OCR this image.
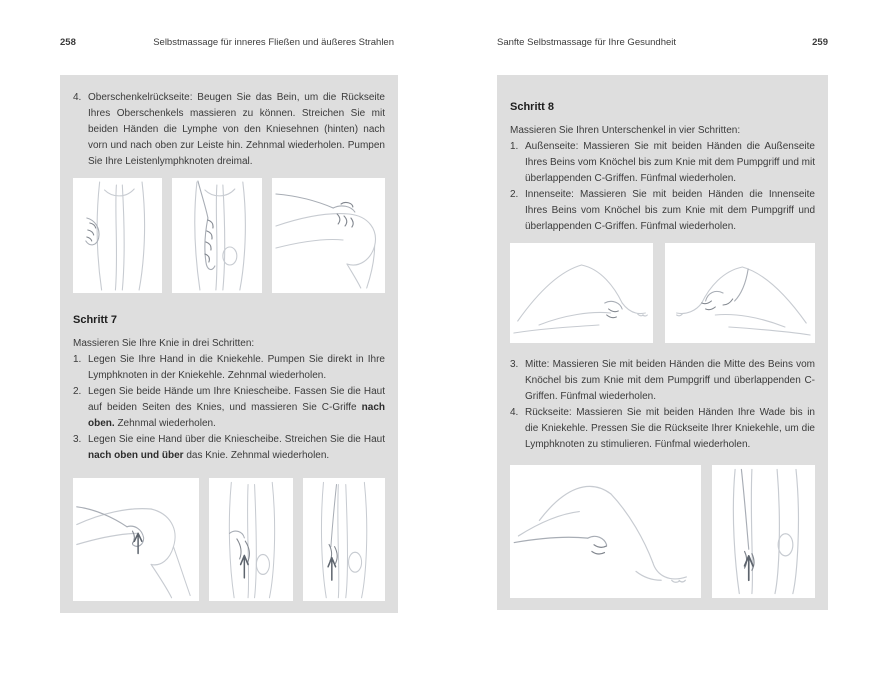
258	Selbstmassage für inneres Fließen und äußeres Strahlen
4. Oberschenkelrückseite: Beugen Sie das Bein, um die Rückseite Ihres Oberschenkels massieren zu können. Streichen Sie mit beiden Händen die Lymphe von den Kniesehnen (hinten) nach vorn und nach oben zur Leiste hin. Zehnmal wiederholen. Pumpen Sie Ihre Leistenlymphknoten dreimal.
Schritt 7
Massieren Sie Ihre Knie in drei Schritten:
1. Legen Sie Ihre Hand in die Kniekehle. Pumpen Sie direkt in Ihre Lymphknoten in der Kniekehle. Zehnmal wiederholen.
2. Legen Sie beide Hände um Ihre Kniescheibe. Fassen Sie die Haut auf beiden Seiten des Knies, und massieren Sie C-Griffe nach oben. Zehnmal wiederholen.
3. Legen Sie eine Hand über die Kniescheibe. Streichen Sie die Haut nach oben und über das Knie. Zehnmal wiederholen.
Sanfte Selbstmassage für Ihre Gesundheit	259
Schritt 8
Massieren Sie Ihren Unterschenkel in vier Schritten:
1. Außenseite: Massieren Sie mit beiden Händen die Außenseite Ihres Beins vom Knöchel bis zum Knie mit dem Pumpgriff und mit überlappenden C-Griffen. Fünfmal wiederholen.
2. Innenseite: Massieren Sie mit beiden Händen die Innenseite Ihres Beins vom Knöchel bis zum Knie mit dem Pumpgriff und überlappenden C-Griffen. Fünfmal wiederholen.
3. Mitte: Massieren Sie mit beiden Händen die Mitte des Beins vom Knöchel bis zum Knie mit dem Pumpgriff und überlappenden C-Griffen. Fünfmal wiederholen.
4. Rückseite: Massieren Sie mit beiden Händen Ihre Wade bis in die Kniekehle. Pressen Sie die Rückseite Ihrer Kniekehle, um die Lymphknoten zu stimulieren. Fünfmal wiederholen.
